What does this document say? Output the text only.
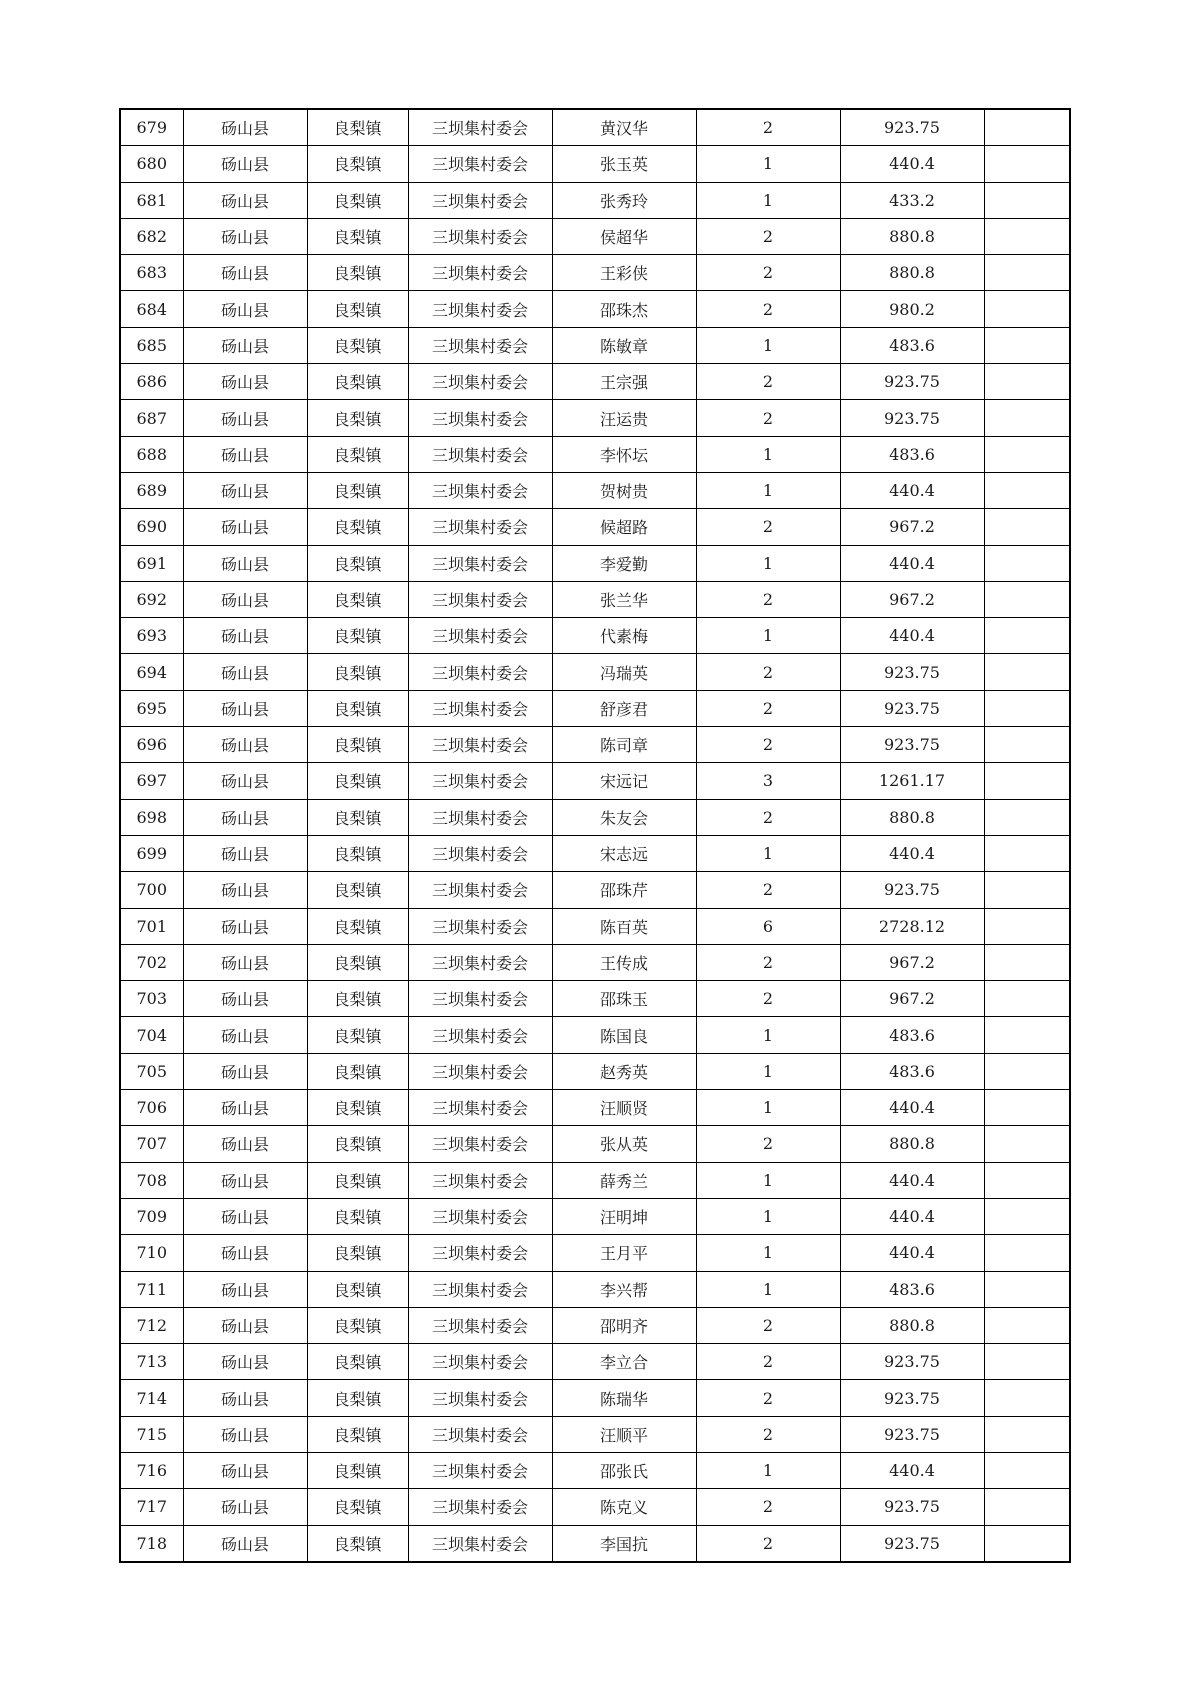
679	砀山县	良梨镇	三坝集村委会	黄汉华	2	923.75	
680	砀山县	良梨镇	三坝集村委会	张玉英	1	440.4	
681	砀山县	良梨镇	三坝集村委会	张秀玲	1	433.2	
682	砀山县	良梨镇	三坝集村委会	侯超华	2	880.8	
683	砀山县	良梨镇	三坝集村委会	王彩侠	2	880.8	
684	砀山县	良梨镇	三坝集村委会	邵珠杰	2	980.2	
685	砀山县	良梨镇	三坝集村委会	陈敏章	1	483.6	
686	砀山县	良梨镇	三坝集村委会	王宗强	2	923.75	
687	砀山县	良梨镇	三坝集村委会	汪运贵	2	923.75	
688	砀山县	良梨镇	三坝集村委会	李怀坛	1	483.6	
689	砀山县	良梨镇	三坝集村委会	贺树贵	1	440.4	
690	砀山县	良梨镇	三坝集村委会	候超路	2	967.2	
691	砀山县	良梨镇	三坝集村委会	李爱勤	1	440.4	
692	砀山县	良梨镇	三坝集村委会	张兰华	2	967.2	
693	砀山县	良梨镇	三坝集村委会	代素梅	1	440.4	
694	砀山县	良梨镇	三坝集村委会	冯瑞英	2	923.75	
695	砀山县	良梨镇	三坝集村委会	舒彦君	2	923.75	
696	砀山县	良梨镇	三坝集村委会	陈司章	2	923.75	
697	砀山县	良梨镇	三坝集村委会	宋远记	3	1261.17	
698	砀山县	良梨镇	三坝集村委会	朱友会	2	880.8	
699	砀山县	良梨镇	三坝集村委会	宋志远	1	440.4	
700	砀山县	良梨镇	三坝集村委会	邵珠芹	2	923.75	
701	砀山县	良梨镇	三坝集村委会	陈百英	6	2728.12	
702	砀山县	良梨镇	三坝集村委会	王传成	2	967.2	
703	砀山县	良梨镇	三坝集村委会	邵珠玉	2	967.2	
704	砀山县	良梨镇	三坝集村委会	陈国良	1	483.6	
705	砀山县	良梨镇	三坝集村委会	赵秀英	1	483.6	
706	砀山县	良梨镇	三坝集村委会	汪顺贤	1	440.4	
707	砀山县	良梨镇	三坝集村委会	张从英	2	880.8	
708	砀山县	良梨镇	三坝集村委会	薛秀兰	1	440.4	
709	砀山县	良梨镇	三坝集村委会	汪明坤	1	440.4	
710	砀山县	良梨镇	三坝集村委会	王月平	1	440.4	
711	砀山县	良梨镇	三坝集村委会	李兴帮	1	483.6	
712	砀山县	良梨镇	三坝集村委会	邵明齐	2	880.8	
713	砀山县	良梨镇	三坝集村委会	李立合	2	923.75	
714	砀山县	良梨镇	三坝集村委会	陈瑞华	2	923.75	
715	砀山县	良梨镇	三坝集村委会	汪顺平	2	923.75	
716	砀山县	良梨镇	三坝集村委会	邵张氏	1	440.4	
717	砀山县	良梨镇	三坝集村委会	陈克义	2	923.75	
718	砀山县	良梨镇	三坝集村委会	李国抗	2	923.75	
